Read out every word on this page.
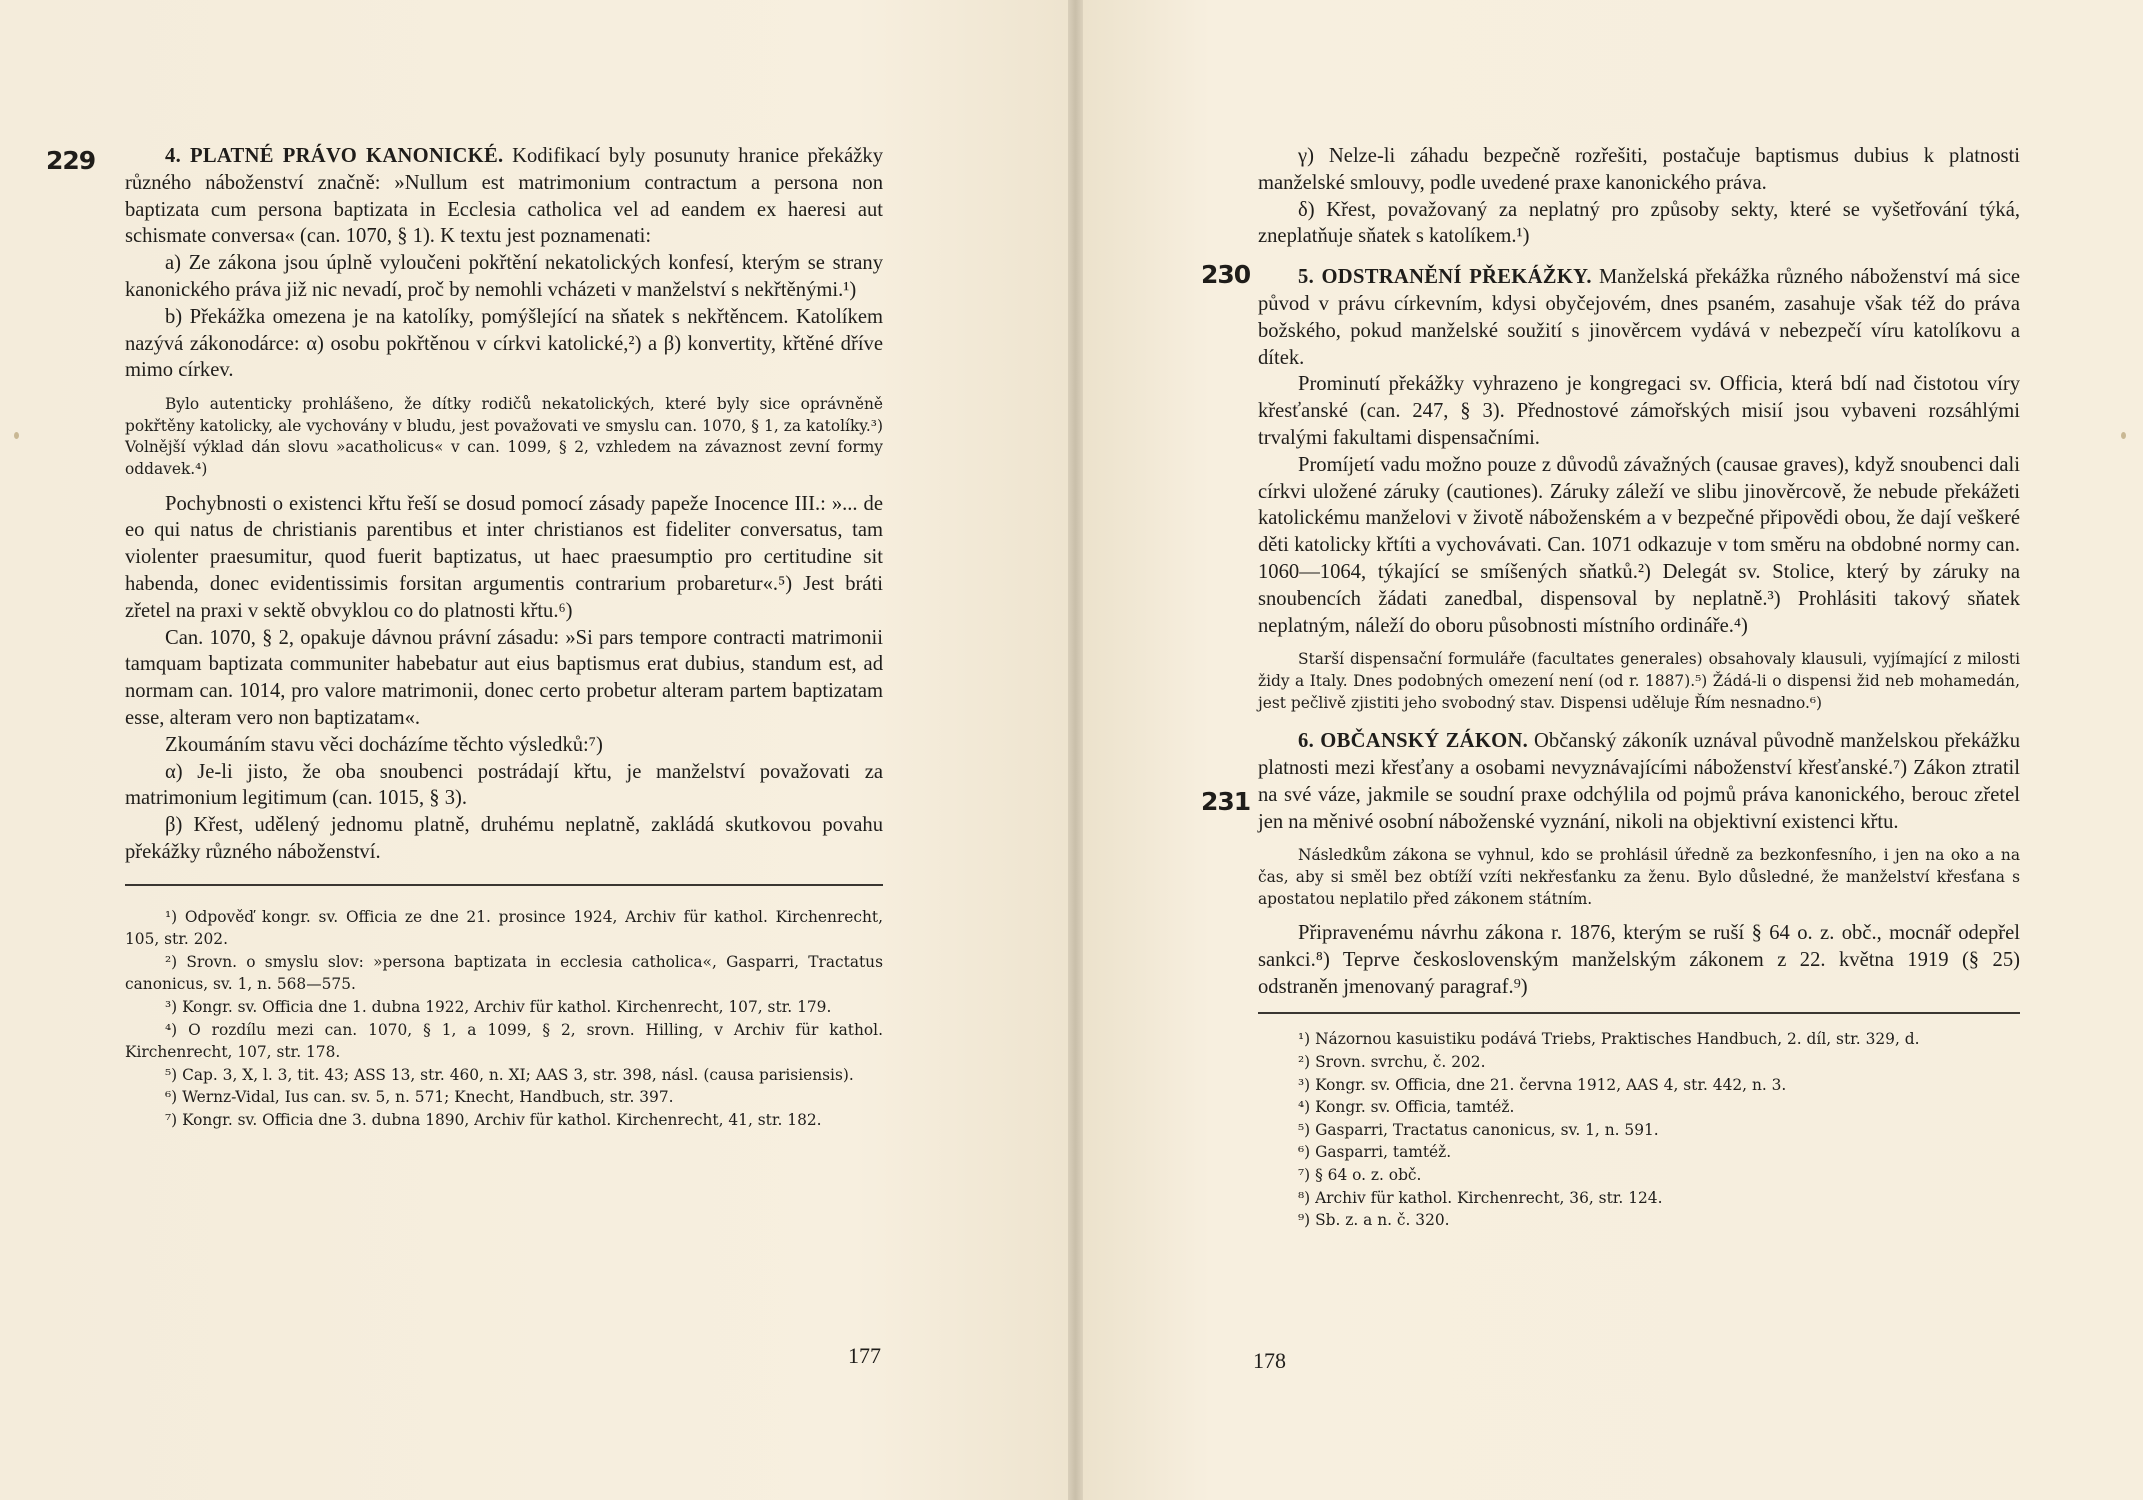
229	4. PLATNÉ PRÁVO KANONICKÉ. Kodifikací byly posunuty hranice překážky různého náboženství značně: »Nullum est matrimonium contractum a persona non baptizata cum persona baptizata in Ecclesia catholica vel ad eandem ex haeresi aut schismate conversa« (can. 1070, § 1). K textu jest poznamenati:

a) Ze zákona jsou úplně vyloučeni pokřtění nekatolických konfesí, kterým se strany kanonického práva již nic nevadí, proč by nemohli vcházeti v manželství s nekřtěnými.¹)

b) Překážka omezena je na katolíky, pomýšlející na sňatek s nekřtěncem. Katolíkem nazývá zákonodárce: α) osobu pokřtěnou v církvi katolické,²) a β) konvertity, křtěné dříve mimo církev.

Bylo autenticky prohlášeno, že dítky rodičů nekatolických, které byly sice oprávněně pokřtěny katolicky, ale vychovány v bludu, jest považovati ve smyslu can. 1070, § 1, za katolíky.³) Volnější výklad dán slovu »acatholicus« v can. 1099, § 2, vzhledem na závaznost zevní formy oddavek.⁴)

Pochybnosti o existenci křtu řeší se dosud pomocí zásady papeže Inocence III.: »... de eo qui natus de christianis parentibus et inter christianos est fideliter conversatus, tam violenter praesumitur, quod fuerit baptizatus, ut haec praesumptio pro certitudine sit habenda, donec evidentissimis forsitan argumentis contrarium probaretur«.⁵) Jest bráti zřetel na praxi v sektě obvyklou co do platnosti křtu.⁶)

Can. 1070, § 2, opakuje dávnou právní zásadu: »Si pars tempore contracti matrimonii tamquam baptizata communiter habebatur aut eius baptismus erat dubius, standum est, ad normam can. 1014, pro valore matrimonii, donec certo probetur alteram partem baptizatam esse, alteram vero non baptizatam«.

Zkoumáním stavu věci docházíme těchto výsledků:⁷)

α) Je-li jisto, že oba snoubenci postrádají křtu, je manželství považovati za matrimonium legitimum (can. 1015, § 3).

β) Křest, udělený jednomu platně, druhému neplatně, zakládá skutkovou povahu překážky různého náboženství.

¹) Odpověď kongr. sv. Officia ze dne 21. prosince 1924, Archiv für kathol. Kirchenrecht, 105, str. 202.

²) Srovn. o smyslu slov: »persona baptizata in ecclesia catholica«, Gasparri, Tractatus canonicus, sv. 1, n. 568—575.

³) Kongr. sv. Officia dne 1. dubna 1922, Archiv für kathol. Kirchenrecht, 107, str. 179.

⁴) O rozdílu mezi can. 1070, § 1, a 1099, § 2, srovn. Hilling, v Archiv für kathol. Kirchenrecht, 107, str. 178.

⁵) Cap. 3, X, l. 3, tit. 43; ASS 13, str. 460, n. XI; AAS 3, str. 398, násl. (causa parisiensis).

⁶) Wernz-Vidal, Ius can. sv. 5, n. 571; Knecht, Handbuch, str. 397.

⁷) Kongr. sv. Officia dne 3. dubna 1890, Archiv für kathol. Kirchenrecht, 41, str. 182.

177
230
231

γ) Nelze-li záhadu bezpečně rozřešiti, postačuje baptismus dubius k platnosti manželské smlouvy, podle uvedené praxe kanonického práva.

δ) Křest, považovaný za neplatný pro způsoby sekty, které se vyšetřování týká, zneplatňuje sňatek s katolíkem.¹)

5. ODSTRANĚNÍ PŘEKÁŽKY. Manželská překážka různého náboženství má sice původ v právu církevním, kdysi obyčejovém, dnes psaném, zasahuje však též do práva božského, pokud manželské soužití s jinověrcem vydává v nebezpečí víru katolíkovu a dítek.

Prominutí překážky vyhrazeno je kongregaci sv. Officia, která bdí nad čistotou víry křesťanské (can. 247, § 3). Přednostové zámořských misií jsou vybaveni rozsáhlými trvalými fakultami dispensačními.

Promíjetí vadu možno pouze z důvodů závažných (causae graves), když snoubenci dali církvi uložené záruky (cautiones). Záruky záleží ve slibu jinověrcově, že nebude překážeti katolickému manželovi v životě náboženském a v bezpečné připovědi obou, že dají veškeré děti katolicky křtíti a vychovávati. Can. 1071 odkazuje v tom směru na obdobné normy can. 1060—1064, týkající se smíšených sňatků.²) Delegát sv. Stolice, který by záruky na snoubencích žádati zanedbal, dispensoval by neplatně.³) Prohlásiti takový sňatek neplatným, náleží do oboru působnosti místního ordináře.⁴)

Starší dispensační formuláře (facultates generales) obsahovaly klausuli, vyjímající z milosti židy a Italy. Dnes podobných omezení není (od r. 1887).⁵) Žádá-li o dispensi žid neb mohamedán, jest pečlivě zjistiti jeho svobodný stav. Dispensi uděluje Řím nesnadno.⁶)

6. OBČANSKÝ ZÁKON. Občanský zákoník uznával původně manželskou překážku platnosti mezi křesťany a osobami nevyznávajícími náboženství křesťanské.⁷) Zákon ztratil na své váze, jakmile se soudní praxe odchýlila od pojmů práva kanonického, berouc zřetel jen na měnivé osobní náboženské vyznání, nikoli na objektivní existenci křtu.

Následkům zákona se vyhnul, kdo se prohlásil úředně za bezkonfesního, i jen na oko a na čas, aby si směl bez obtíží vzíti nekřesťanku za ženu. Bylo důsledné, že manželství křesťana s apostatou neplatilo před zákonem státním.

Připravenému návrhu zákona r. 1876, kterým se ruší § 64 o. z. obč., mocnář odepřel sankci.⁸) Teprve československým manželským zákonem z 22. května 1919 (§ 25) odstraněn jmenovaný paragraf.⁹)

¹) Názornou kasuistiku podává Triebs, Praktisches Handbuch, 2. díl, str. 329, d.

²) Srovn. svrchu, č. 202.

³) Kongr. sv. Officia, dne 21. června 1912, AAS 4, str. 442, n. 3.

⁴) Kongr. sv. Officia, tamtéž.

⁵) Gasparri, Tractatus canonicus, sv. 1, n. 591.

⁶) Gasparri, tamtéž.

⁷) § 64 o. z. obč.

⁸) Archiv für kathol. Kirchenrecht, 36, str. 124.

⁹) Sb. z. a n. č. 320.

178
